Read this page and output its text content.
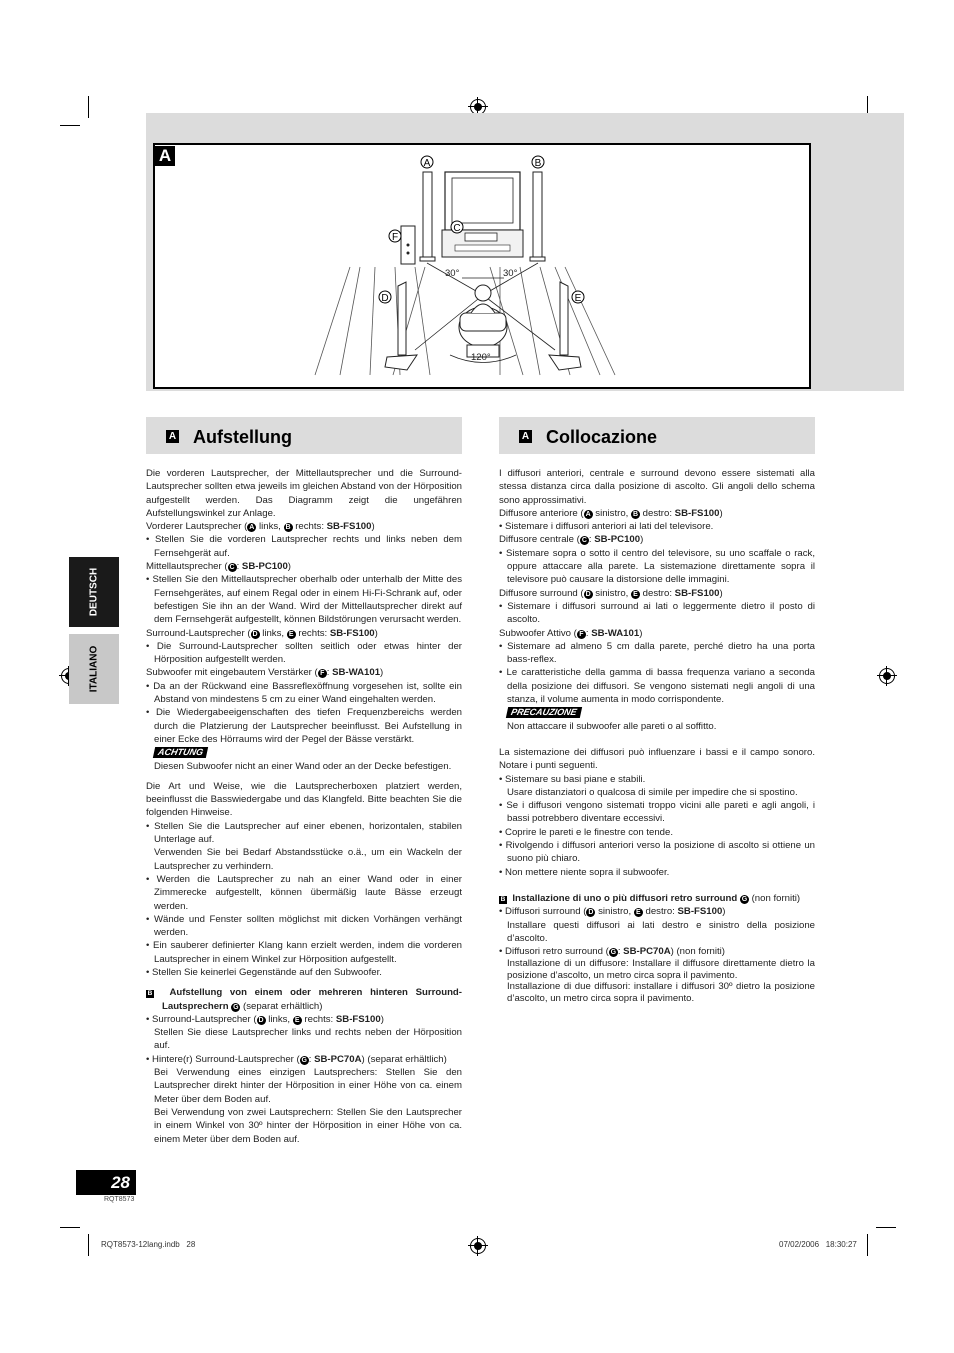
A	B
C
D	E
F
30°	30°
120°
A
A Aufstellung	A Collocazione

Die vorderen Lautsprecher, der Mittellautsprecher und die Surround-Lautsprecher sollten etwa jeweils im gleichen Abstand von der Hörposition aufgestellt werden. Das Diagramm zeigt die ungefähren Aufstellungswinkel zur Anlage.

Vorderer Lautsprecher ( A links, B rechts: SB-FS100)

• Stellen Sie die vorderen Lautsprecher rechts und links neben dem Fernsehgerät auf.

Mittellautsprecher ( C : SB-PC100)

• Stellen Sie den Mittellautsprecher oberhalb oder unterhalb der Mitte des Fernsehgerätes, auf einem Regal oder in einem Hi-Fi-Schrank auf, oder befestigen Sie ihn an der Wand. Wird der Mittellautsprecher direkt auf dem Fernsehgerät aufgestellt, können Bildstörungen verursacht werden.

Surround-Lautsprecher ( D links, E rechts: SB-FS100)

• Die Surround-Lautsprecher sollten seitlich oder etwas hinter der Hörposition aufgestellt werden.

Subwoofer mit eingebautem Verstärker ( F : SB-WA101)

• Da an der Rückwand eine Bassreflexöffnung vorgesehen ist, sollte ein Abstand von mindestens 5 cm zu einer Wand eingehalten werden.

• Die Wiedergabeeigenschaften des tiefen Frequenzbereichs werden durch die Platzierung der Lautsprecher beeinflusst. Bei Aufstellung in einer Ecke des Hörraums wird der Pegel der Bässe verstärkt.

ACHTUNG

Diesen Subwoofer nicht an einer Wand oder an der Decke befestigen.

Die Art und Weise, wie die Lautsprecherboxen platziert werden, beeinflusst die Basswiedergabe und das Klangfeld. Bitte beachten Sie die folgenden Hinweise.

• Stellen Sie die Lautsprecher auf einer ebenen, horizontalen, stabilen Unterlage auf.

Verwenden Sie bei Bedarf Abstandsstücke o.ä., um ein Wackeln der Lautsprecher zu verhindern.

• Werden die Lautsprecher zu nah an einer Wand oder in einer Zimmerecke aufgestellt, können übermäßig laute Bässe erzeugt werden.

• Wände und Fenster sollten möglichst mit dicken Vorhängen verhängt werden.

• Ein sauberer definierter Klang kann erzielt werden, indem die vorderen Lautsprecher in einem Winkel zur Hörposition aufgestellt.

• Stellen Sie keinerlei Gegenstände auf den Subwoofer.

B Aufstellung von einem oder mehreren hinteren Surround-Lautsprechern G (separat erhältlich)

• Surround-Lautsprecher ( D links, E rechts: SB-FS100)

Stellen Sie diese Lautsprecher links und rechts neben der Hörposition auf.

• Hintere(r) Surround-Lautsprecher ( G : SB-PC70A) (separat erhältlich)

Bei Verwendung eines einzigen Lautsprechers: Stellen Sie den Lautsprecher direkt hinter der Hörposition in einer Höhe von ca. einem Meter über dem Boden auf.

Bei Verwendung von zwei Lautsprechern: Stellen Sie den Lautsprecher in einem Winkel von 30º hinter der Hörposition in einer Höhe von ca. einem Meter über dem Boden auf.

I diffusori anteriori, centrale e surround devono essere sistemati alla stessa distanza circa dalla posizione di ascolto. Gli angoli dello schema sono approssimativi.

Diffusore anteriore ( A sinistro, B destro: SB-FS100)

• Sistemare i diffusori anteriori ai lati del televisore.

Diffusore centrale ( C : SB-PC100)

• Sistemare sopra o sotto il centro del televisore, su uno scaffale o rack, oppure attaccare alla parete. La sistemazione direttamente sopra il televisore può causare la distorsione delle immagini.

Diffusore surround ( D sinistro, E destro: SB-FS100)

• Sistemare i diffusori surround ai lati o leggermente dietro il posto di ascolto.

Subwoofer Attivo ( F : SB-WA101)

• Sistemare ad almeno 5 cm dalla parete, perché dietro ha una porta bass-reflex.

• Le caratteristiche della gamma di bassa frequenza variano a seconda della posizione dei diffusori. Se vengono sistemati negli angoli di una stanza, il volume aumenta in modo corrispondente.

PRECAUZIONE

Non attaccare il subwoofer alle pareti o al soffitto.

La sistemazione dei diffusori può influenzare i bassi e il campo sonoro. Notare i punti seguenti.

• Sistemare su basi piane e stabili.

Usare distanziatori o qualcosa di simile per impedire che si spostino.

• Se i diffusori vengono sistemati troppo vicini alle pareti e agli angoli, i bassi potrebbero diventare eccessivi.

• Coprire le pareti e le finestre con tende.

• Rivolgendo i diffusori anteriori verso la posizione di ascolto si ottiene un suono più chiaro.

• Non mettere niente sopra il subwoofer.

B Installazione di uno o più diffusori retro surround G (non forniti)

• Diffusori surround ( D sinistro, E destro: SB-FS100)

Installare questi diffusori ai lati destro e sinistro della posizione d’ascolto.

• Diffusori retro surround ( G : SB-PC70A) (non forniti)

Installazione di un diffusore: Installare il diffusore direttamente dietro la posizione d’ascolto, un metro circa sopra il pavimento.

Installazione di due diffusori: installare i diffusori 30º dietro la posizione d’ascolto, un metro circa sopra il pavimento.

DEUTSCH
ITALIANO
28
RQT8573
RQT8573-12lang.indb   28	07/02/2006   18:30:27
